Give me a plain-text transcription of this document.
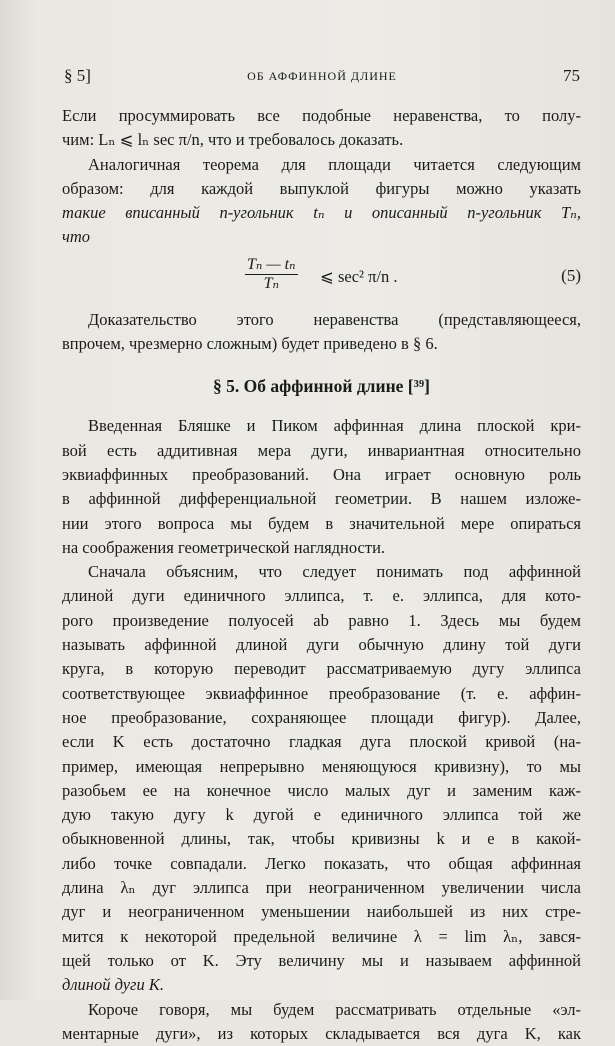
§ 5]	ОБ АФФИННОЙ ДЛИНЕ	75
Если просуммировать все подобные неравенства, то полу-
чим: Lₙ ⩽ lₙ sec π/n, что и требовалось доказать.
Аналогичная теорема для площади читается следующим
образом: для каждой выпуклой фигуры можно указать
такие вписанный n-угольник tₙ и описанный n-угольник Tₙ,
что
$\frac{\text{Tₙ — tₙ}}{\text{Tₙ}}$ ⩽ sec² π/n .	(5)
Доказательство этого неравенства (представляющееся,
впрочем, чрезмерно сложным) будет приведено в § 6.
§ 5. Об аффинной длине [³⁹]
Введенная Бляшке и Пиком аффинная длина плоской кри-
вой есть аддитивная мера дуги, инвариантная относительно
эквиаффинных преобразований. Она играет основную роль
в аффинной дифференциальной геометрии. В нашем изложе-
нии этого вопроса мы будем в значительной мере опираться
на соображения геометрической наглядности.
Сначала объясним, что следует понимать под аффинной
длиной дуги единичного эллипса, т. е. эллипса, для кото-
рого произведение полуосей ab равно 1. Здесь мы будем
называть аффинной длиной дуги обычную длину той дуги
круга, в которую переводит рассматриваемую дугу эллипса
соответствующее эквиаффинное преобразование (т. е. аффин-
ное преобразование, сохраняющее площади фигур). Далее,
если K есть достаточно гладкая дуга плоской кривой (на-
пример, имеющая непрерывно меняющуюся кривизну), то мы
разобьем ее на конечное число малых дуг и заменим каж-
дую такую дугу k дугой e единичного эллипса той же
обыкновенной длины, так, чтобы кривизны k и e в какой-
либо точке совпадали. Легко показать, что общая аффинная
длина λₙ дуг эллипса при неограниченном увеличении числа
дуг и неограниченном уменьшении наибольшей из них стре-
мится к некоторой предельной величине λ = lim λₙ, зався-
щей только от K. Эту величину мы и называем аффинной
длиной дуги K.
Короче говоря, мы будем рассматривать отдельные «эл-
ментарные дуги», из которых складывается вся дуга K, как
